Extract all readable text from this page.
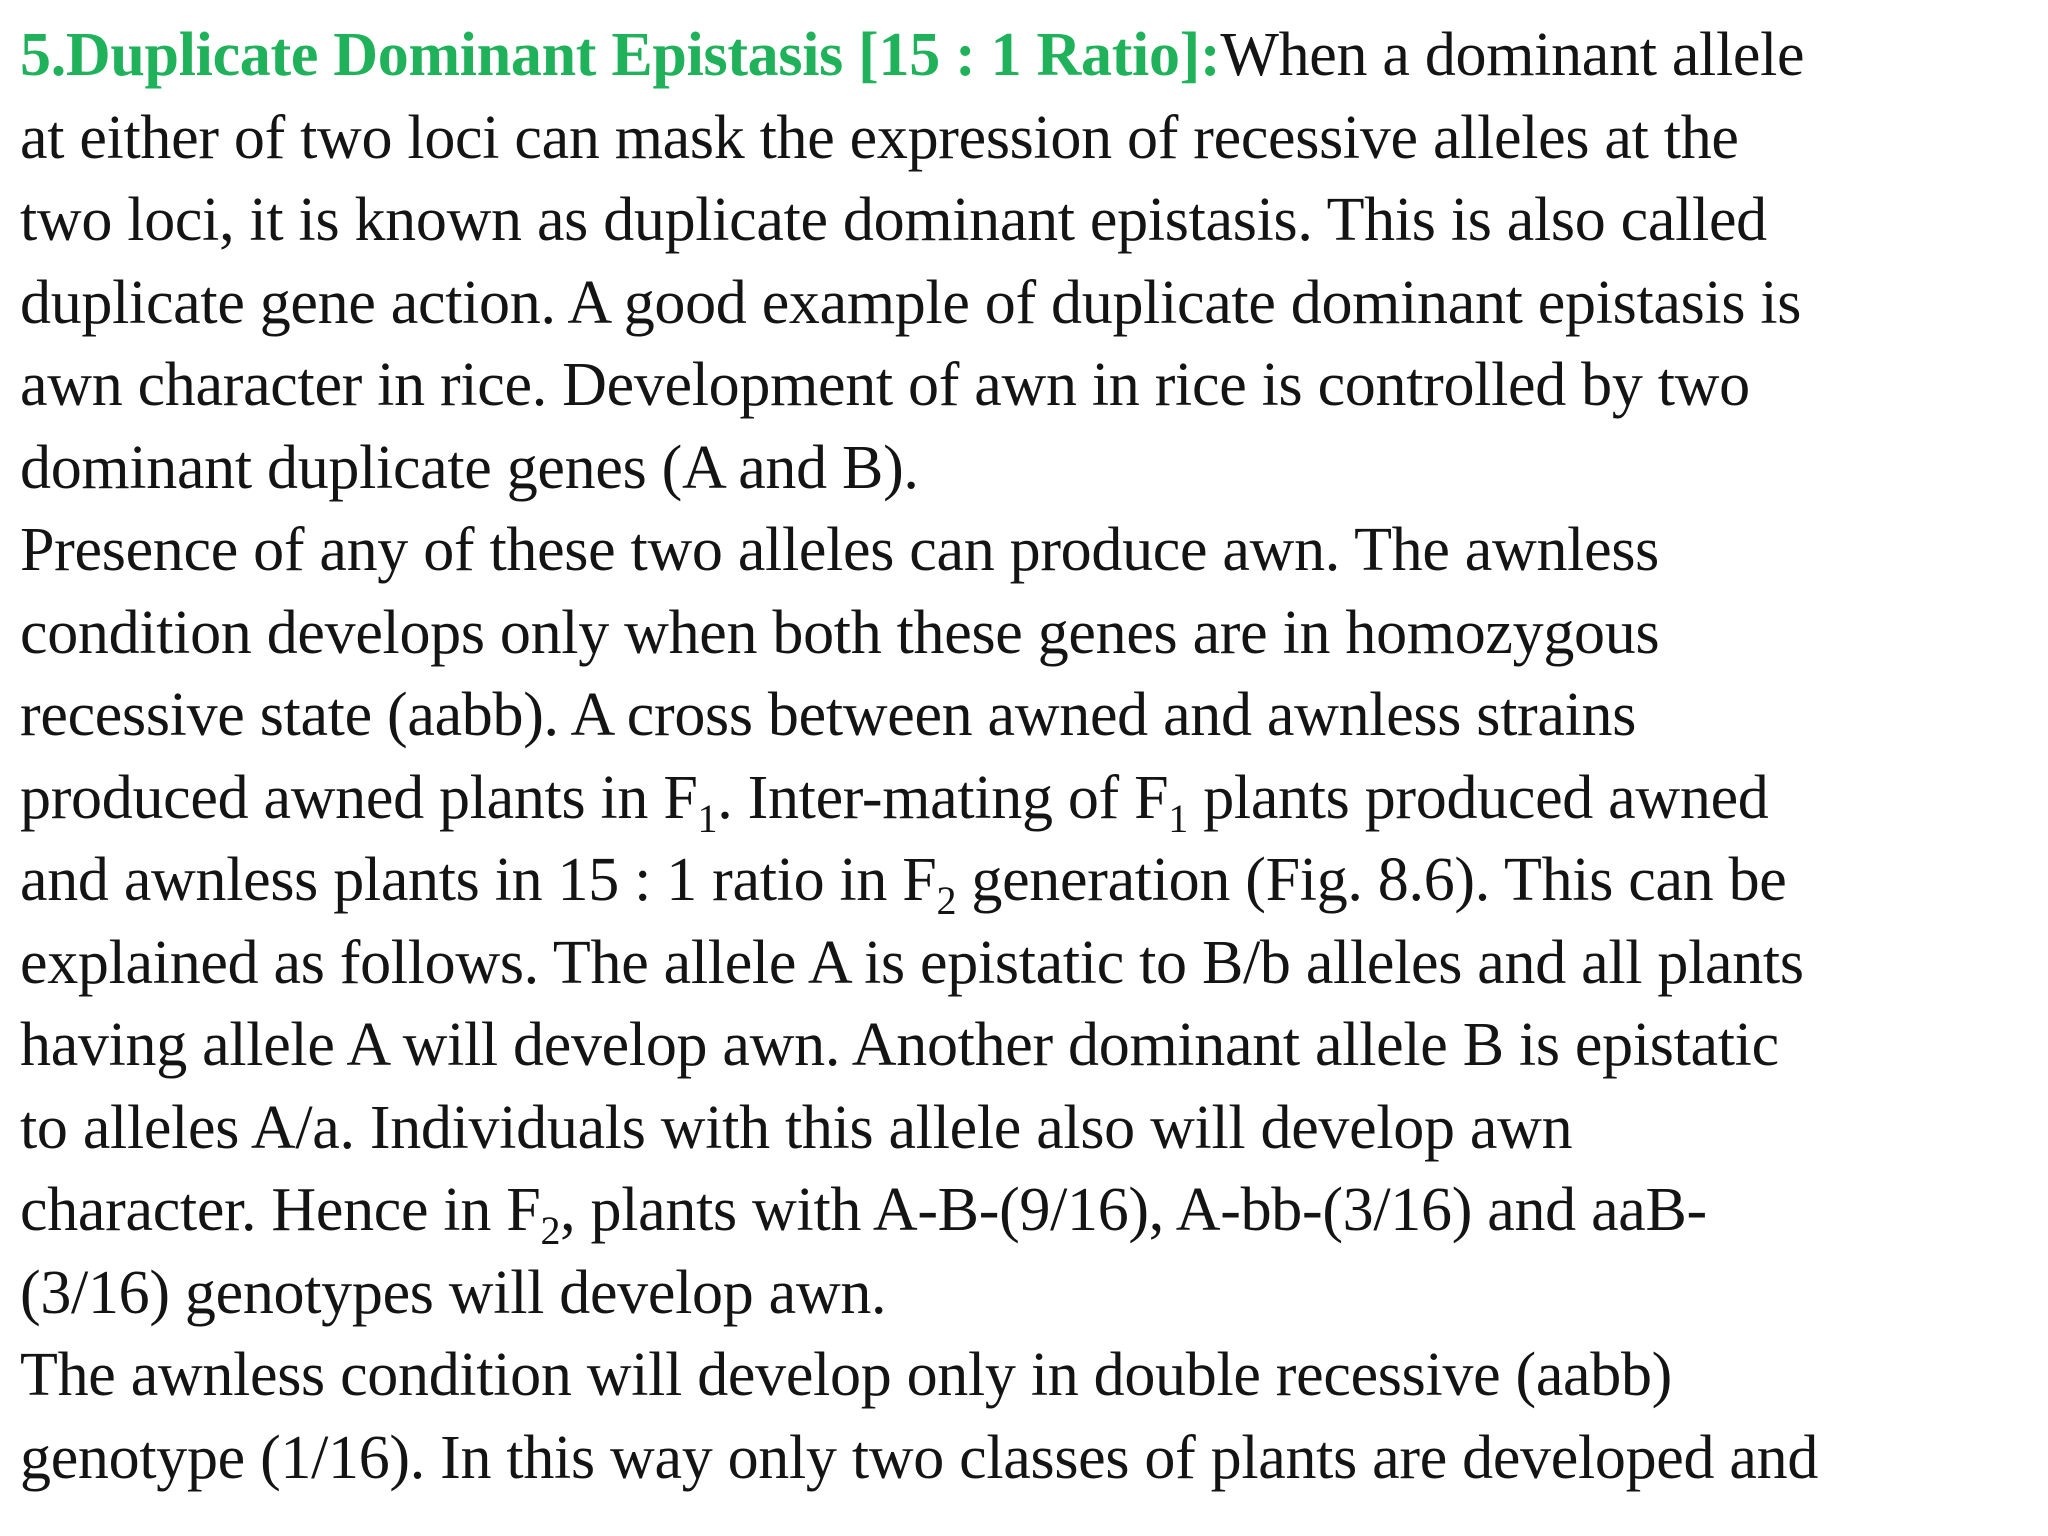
5.Duplicate Dominant Epistasis [15 : 1 Ratio]:When a dominant allele
at either of two loci can mask the expression of recessive alleles at the
two loci, it is known as duplicate dominant epistasis. This is also called
duplicate gene action. A good example of duplicate dominant epistasis is
awn character in rice. Development of awn in rice is controlled by two
dominant duplicate genes (A and B).
Presence of any of these two alleles can produce awn. The awnless
condition develops only when both these genes are in homozygous
recessive state (aabb). A cross between awned and awnless strains
produced awned plants in $F_1$. Inter-mating of $F_1$ plants produced awned
and awnless plants in 15 : 1 ratio in $F_2$ generation (Fig. 8.6). This can be
explained as follows. The allele A is epistatic to B/b alleles and all plants
having allele A will develop awn. Another dominant allele B is epistatic
to alleles A/a. Individuals with this allele also will develop awn
character. Hence in $F_2$, plants with A-B-(9/16), A-bb-(3/16) and aaB-
(3/16) genotypes will develop awn.
The awnless condition will develop only in double recessive (aabb)
genotype (1/16). In this way only two classes of plants are developed and
